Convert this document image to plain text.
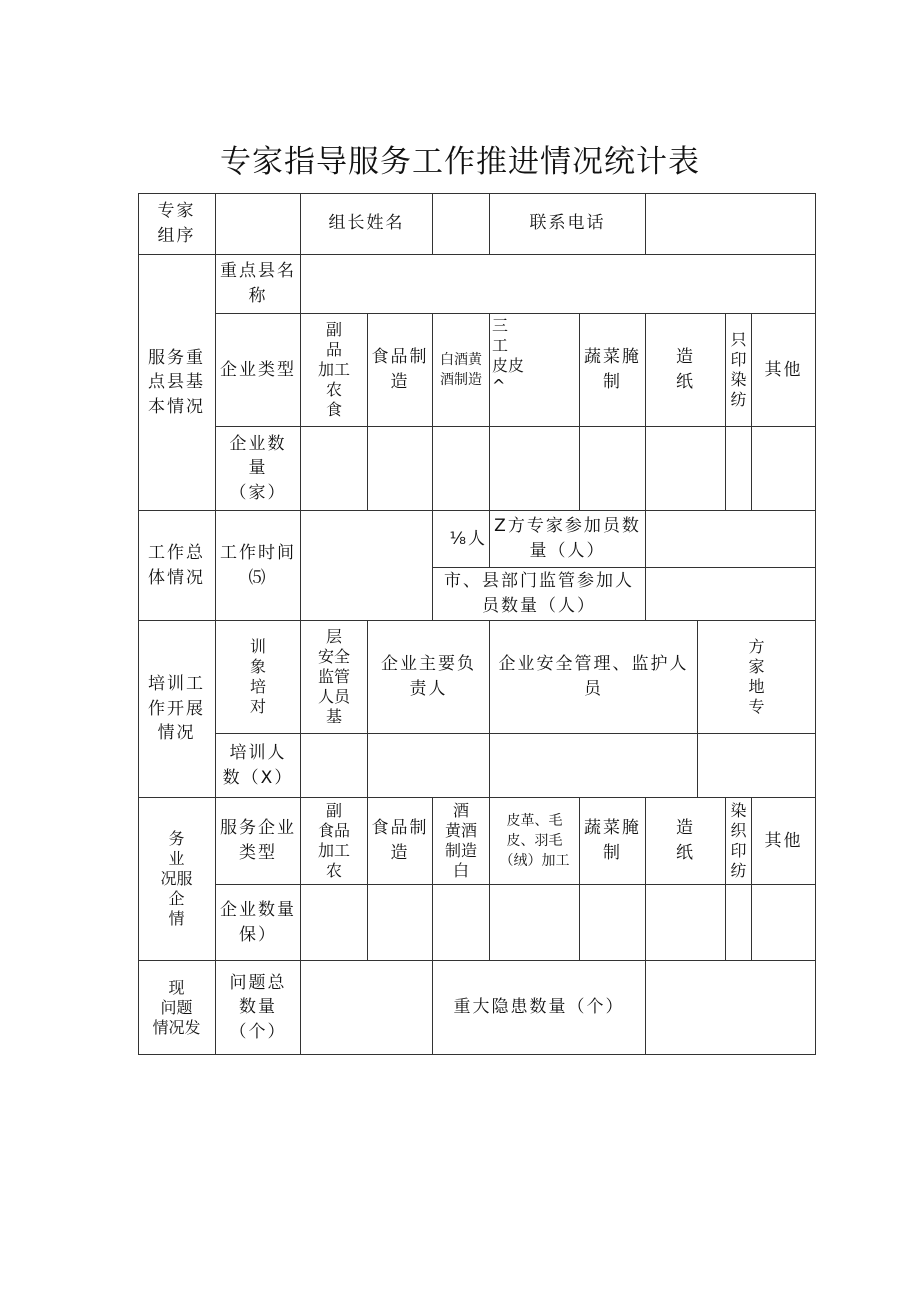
专家指导服务工作推进情况统计表
专家
组序
组长姓名	联系电话
服务重
点县基
本情况
重点县名
称
企业类型
副
品
加工
农
食
食品制
造
白酒黄
酒制造
三
工
皮皮
^
蔬菜腌
制
造
纸
只
印
染
纺
其他
企业数
量
（家）
工作总
体情况
工作时间
⑸
⅛人
Z方专家参加员数
量（人）
市、县部门监管参加人
员数量（人）
培训工
作开展
情况
训
象
培
对
层
安全
监管
人员
基
企业主要负
责人
企业安全管理、监护人
员
方
家
地
专
培训人
数（X）
务
业
况服
企
情
服务企业
类型
副
食品
加工
农
食品制
造
酒
黄酒
制造
白
皮革、毛
皮、羽毛
（绒）加工
蔬菜腌
制
造
纸
染
织
印
纺
其他
企业数量
保）
现
问题
情况发
问题总
数量
（个）
重大隐患数量（个）
